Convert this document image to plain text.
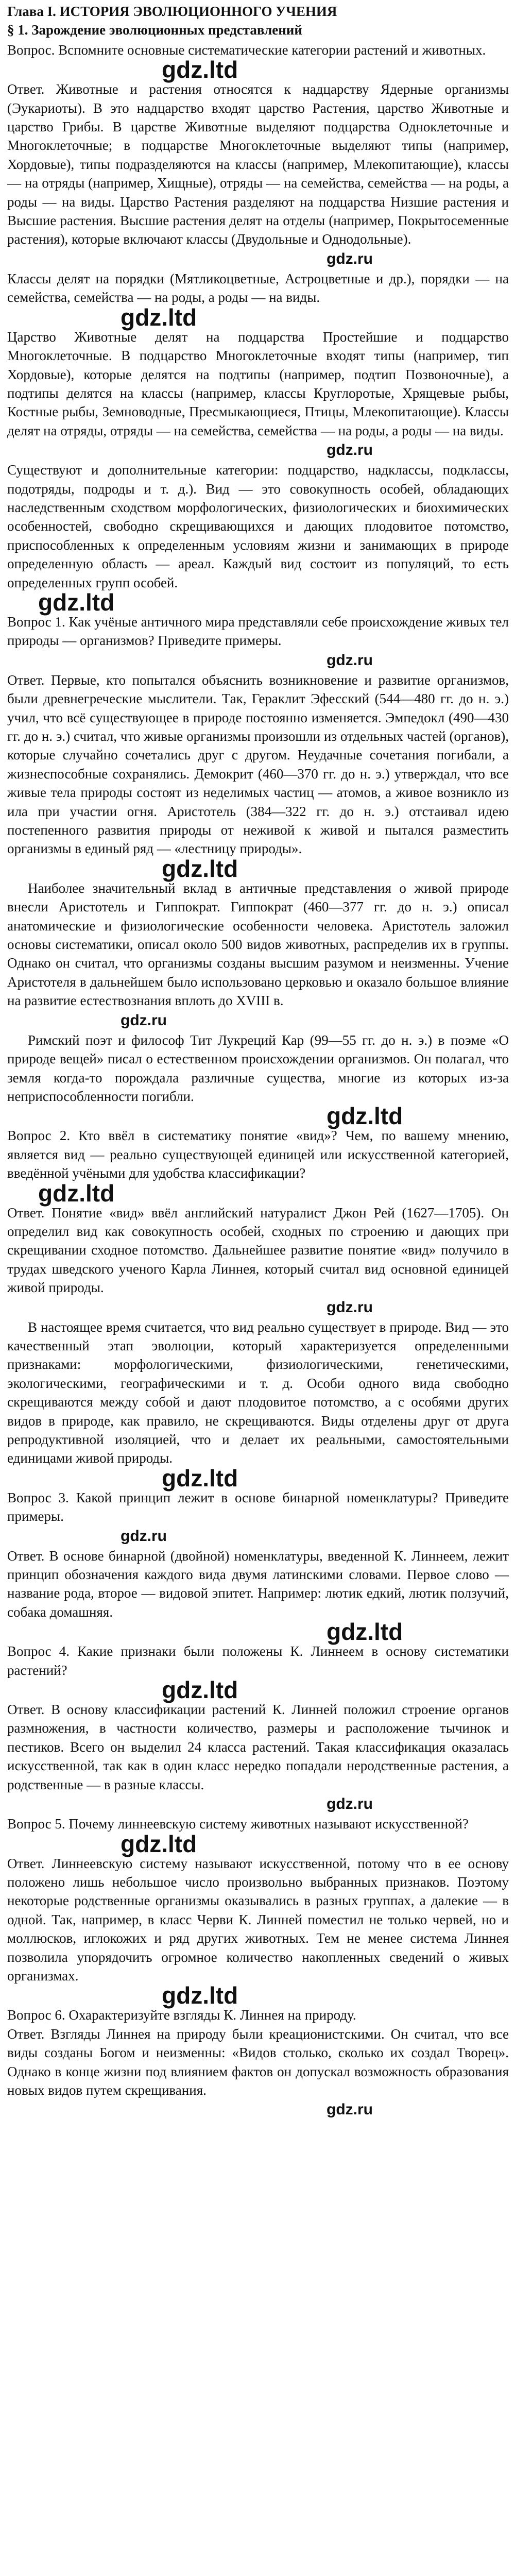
Глава I. ИСТОРИЯ ЭВОЛЮЦИОННОГО УЧЕНИЯ

§ 1. Зарождение эволюционных представлений

Вопрос. Вспомните основные систематические категории растений и животных.

gdz.ltd

Ответ. Животные и растения относятся к надцарству Ядерные организмы (Эукариоты). В это надцарство входят царство Растения, царство Животные и царство Грибы. В царстве Животные выделяют подцарства Одноклеточные и Многоклеточные; в подцарстве Многоклеточные выделяют типы (например, Хордовые), типы подразделяются на классы (например, Млекопитающие), классы — на отряды (например, Хищные), отряды — на семейства, семейства — на роды, а роды — на виды. Царство Растения разделяют на подцарства Низшие растения и Высшие растения. Высшие растения делят на отделы (например, Покрытосеменные растения), которые включают классы (Двудольные и Однодольные).

gdz.ru

Классы делят на порядки (Мятликоцветные, Астроцветные и др.), порядки — на семейства, семейства — на роды, а роды — на виды.

gdz.ltd

Царство Животные делят на подцарства Простейшие и подцарство Многоклеточные. В подцарство Многоклеточные входят типы (например, тип Хордовые), которые делятся на подтипы (например, подтип Позвоночные), а подтипы делятся на классы (например, классы Круглоротые, Хрящевые рыбы, Костные рыбы, Земноводные, Пресмыкающиеся, Птицы, Млекопитающие). Классы делят на отряды, отряды — на семейства, семейства — на роды, а роды — на виды.

gdz.ru

Существуют и дополнительные категории: подцарство, надклассы, подклассы, подотряды, подроды и т. д.). Вид — это совокупность особей, обладающих наследственным сходством морфологических, физиологических и биохимических особенностей, свободно скрещивающихся и дающих плодовитое потомство, приспособленных к определенным условиям жизни и занимающих в природе определенную область — ареал. Каждый вид состоит из популяций, то есть определенных групп особей.

gdz.ltd

Вопрос 1. Как учёные античного мира представляли себе происхождение живых тел природы — организмов? Приведите примеры.

gdz.ru

Ответ. Первые, кто попытался объяснить возникновение и развитие организмов, были древнегреческие мыслители. Так, Гераклит Эфесский (544—480 гг. до н. э.) учил, что всё существующее в природе постоянно изменяется. Эмпедокл (490—430 гг. до н. э.) считал, что живые организмы произошли из отдельных частей (органов), которые случайно сочетались друг с другом. Неудачные сочетания погибали, а жизнеспособные сохранялись. Демокрит (460—370 гг. до н. э.) утверждал, что все живые тела природы состоят из неделимых частиц — атомов, а живое возникло из ила при участии огня. Аристотель (384—322 гг. до н. э.) отстаивал идею постепенного развития природы от неживой к живой и пытался разместить организмы в единый ряд — «лестницу природы».

gdz.ltd

Наиболее значительный вклад в античные представления о живой природе внесли Аристотель и Гиппократ. Гиппократ (460—377 гг. до н. э.) описал анатомические и физиологические особенности человека. Аристотель заложил основы систематики, описал около 500 видов животных, распределив их в группы. Однако он считал, что организмы созданы высшим разумом и неизменны. Учение Аристотеля в дальнейшем было использовано церковью и оказало большое влияние на развитие естествознания вплоть до XVIII в.

gdz.ru

Римский поэт и философ Тит Лукреций Кар (99—55 гг. до н. э.) в поэме «О природе вещей» писал о естественном происхождении организмов. Он полагал, что земля когда-то порождала различные существа, многие из которых из-за неприспособленности погибли.

gdz.ltd

Вопрос 2. Кто ввёл в систематику понятие «вид»? Чем, по вашему мнению, является вид — реально существующей единицей или искусственной категорией, введённой учёными для удобства классификации?

gdz.ltd

Ответ. Понятие «вид» ввёл английский натуралист Джон Рей (1627—1705). Он определил вид как совокупность особей, сходных по строению и дающих при скрещивании сходное потомство. Дальнейшее развитие понятие «вид» получило в трудах шведского ученого Карла Линнея, который считал вид основной единицей живой природы.

gdz.ru

В настоящее время считается, что вид реально существует в природе. Вид — это качественный этап эволюции, который характеризуется определенными признаками: морфологическими, физиологическими, генетическими, экологическими, географическими и т. д. Особи одного вида свободно скрещиваются между собой и дают плодовитое потомство, а с особями других видов в природе, как правило, не скрещиваются. Виды отделены друг от друга репродуктивной изоляцией, что и делает их реальными, самостоятельными единицами живой природы.

gdz.ltd

Вопрос 3. Какой принцип лежит в основе бинарной номенклатуры? Приведите примеры.

gdz.ru

Ответ. В основе бинарной (двойной) номенклатуры, введенной К. Линнеем, лежит принцип обозначения каждого вида двумя латинскими словами. Первое слово — название рода, второе — видовой эпитет. Например: лютик едкий, лютик ползучий, собака домашняя.

gdz.ltd

Вопрос 4. Какие признаки были положены К. Линнеем в основу систематики растений?

gdz.ltd

Ответ. В основу классификации растений К. Линней положил строение органов размножения, в частности количество, размеры и расположение тычинок и пестиков. Всего он выделил 24 класса растений. Такая классификация оказалась искусственной, так как в один класс нередко попадали неродственные растения, а родственные — в разные классы.

gdz.ru

Вопрос 5. Почему линнеевскую систему животных называют искусственной?

gdz.ltd

Ответ. Линнеевскую систему называют искусственной, потому что в ее основу положено лишь небольшое число произвольно выбранных признаков. Поэтому некоторые родственные организмы оказывались в разных группах, а далекие — в одной. Так, например, в класс Черви К. Линней поместил не только червей, но и моллюсков, иглокожих и ряд других животных. Тем не менее система Линнея позволила упорядочить огромное количество накопленных сведений о живых организмах.

gdz.ltd

Вопрос 6. Охарактеризуйте взгляды К. Линнея на природу.

Ответ. Взгляды Линнея на природу были креационистскими. Он считал, что все виды созданы Богом и неизменны: «Видов столько, сколько их создал Творец». Однако в конце жизни под влиянием фактов он допускал возможность образования новых видов путем скрещивания.

gdz.ru
